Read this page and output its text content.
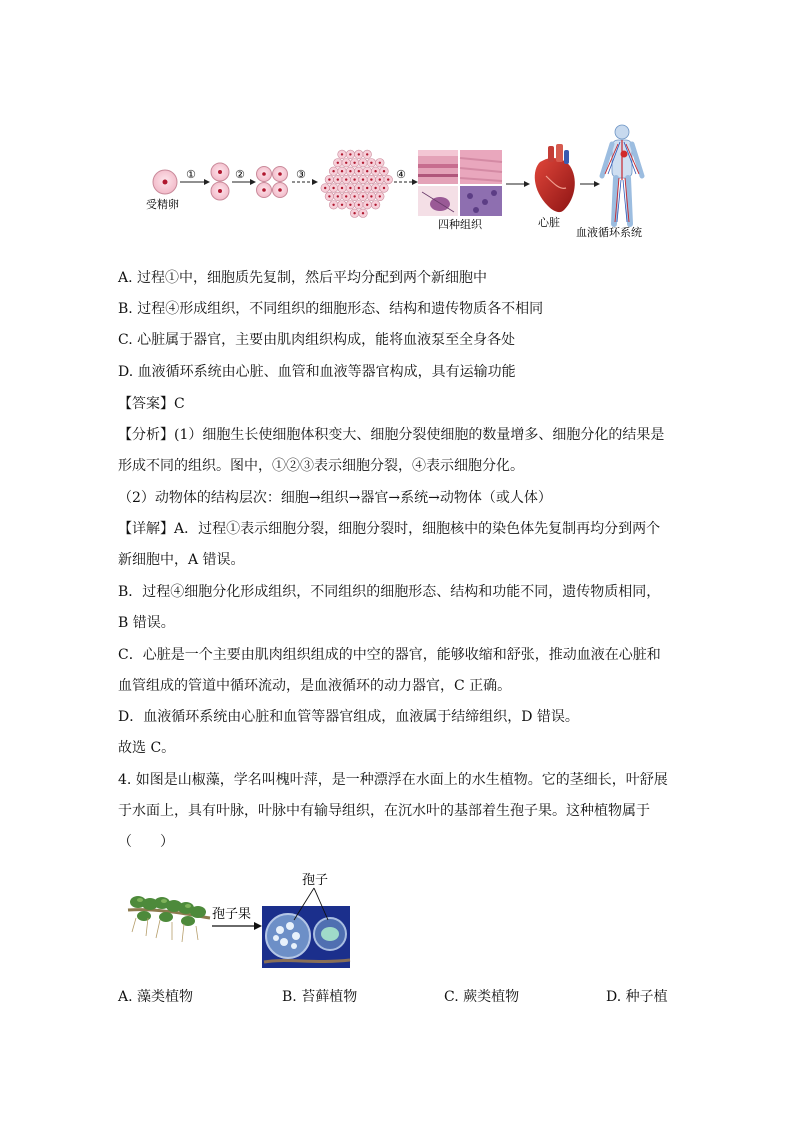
①	②	③	④
受精卵
四种组织	心脏
血液循环系统
A. 过程①中，细胞质先复制，然后平均分配到两个新细胞中
B. 过程④形成组织，不同组织的细胞形态、结构和遗传物质各不相同
C. 心脏属于器官，主要由肌肉组织构成，能将血液泵至全身各处
D. 血液循环系统由心脏、血管和血液等器官构成，具有运输功能
【答案】C
【分析】(1）细胞生长使细胞体积变大、细胞分裂使细胞的数量增多、细胞分化的结果是
形成不同的组织。图中，①②③表示细胞分裂，④表示细胞分化。
（2）动物体的结构层次：细胞→组织→器官→系统→动物体（或人体）
【详解】A．过程①表示细胞分裂，细胞分裂时，细胞核中的染色体先复制再均分到两个
新细胞中，A 错误。
B．过程④细胞分化形成组织，不同组织的细胞形态、结构和功能不同，遗传物质相同，
B 错误。
C．心脏是一个主要由肌肉组织组成的中空的器官，能够收缩和舒张，推动血液在心脏和
血管组成的管道中循环流动，是血液循环的动力器官，C 正确。
D．血液循环系统由心脏和血管等器官组成，血液属于结缔组织，D 错误。
故选 C。
4. 如图是山椒藻，学名叫槐叶萍，是一种漂浮在水面上的水生植物。它的茎细长，叶舒展
于水面上，具有叶脉，叶脉中有输导组织，在沉水叶的基部着生孢子果。这种植物属于
（　　）
孢子
孢子果
A. 藻类植物	B. 苔藓植物	C. 蕨类植物	D. 种子植
